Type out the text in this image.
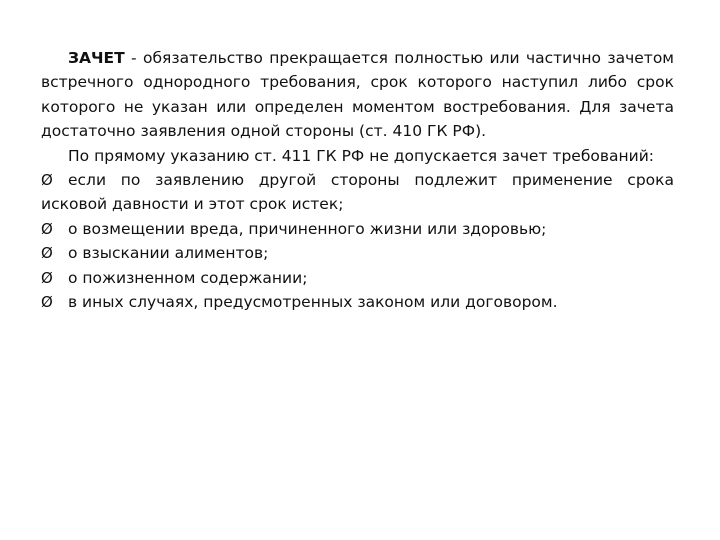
ЗАЧЕТ - обязательство прекращается полностью или частично зачетом встречного однородного требования, срок которого наступил либо срок которого не указан или определен моментом востребования. Для зачета достаточно заявления одной стороны (ст. 410 ГК РФ).

По прямому указанию ст. 411 ГК РФ не допускается зачет требований:

Ø если по заявлению другой стороны подлежит применение срока исковой давности и этот срок истек;
Ø о возмещении вреда, причиненного жизни или здоровью;
Ø о взыскании алиментов;
Ø о пожизненном содержании;
Ø в иных случаях, предусмотренных законом или договором.
